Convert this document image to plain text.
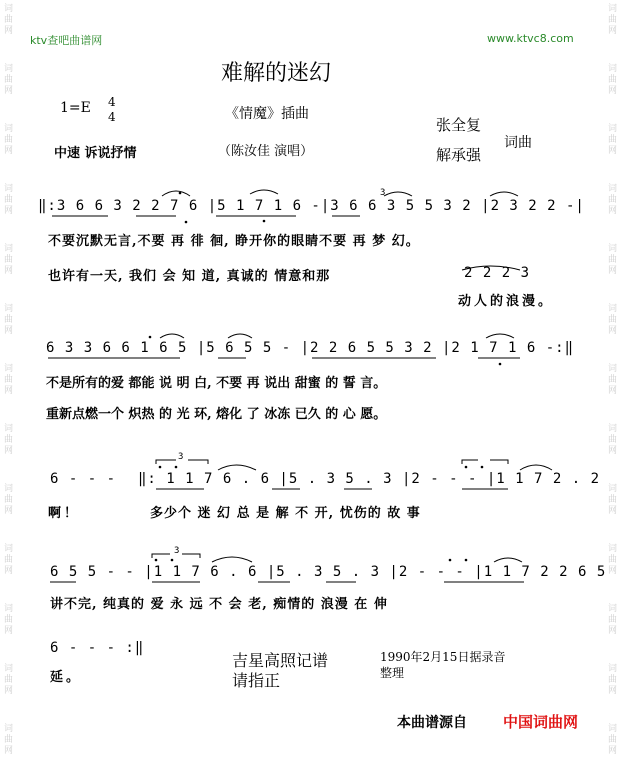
词
曲
网
词
曲
网
词
曲
网
词
曲
网
词
曲
网
词
曲
网
词
曲
网
词
曲
网
词
曲
网
词
曲
网
词
曲
网
词
曲
网
词
曲
网
词
曲
网
词
曲
网
词
曲
网
词
曲
网
词
曲
网
词
曲
网
词
曲
网
词
曲
网
词
曲
网
词
曲
网
词
曲
网
词
曲
网
词
曲
网
ktv查吧曲谱网	www.ktvc8.com
难解的迷幻
1=E 4
4	《情魔》插曲
中速 诉说抒情	（陈汝佳 演唱）
张全复
解承强
词曲
‖:3 6 6 3 2 2 7 6 |5 1 7 1 6 -|3 6 6 3 5 5 3 2 |2 3 2 2 -|
3
不要沉默无言,不要 再 徘 徊, 睁开你的眼睛不要 再 梦 幻。
也许有一天, 我们 会 知 道, 真诚的 情意和那	2 2 2 3
动人的浪漫。
6 3 3 6 6 1 6 5 |5 6 5 5 - |2 2 6 5 5 3 2 |2 1 7 1 6 -:‖
不是所有的爱 都能 说 明 白, 不要 再 说出 甜蜜 的 誓 言。
重新点燃一个 炽热 的 光 环, 熔化 了 冰冻 已久 的 心 愿。
6 - - - ‖: 1 1 7 6 . 6 |5 . 3 5 . 3 |2 - - - |1 1 7 2 . 2
3
啊！	多少个 迷 幻 总 是 解 不 开, 忧伤的 故 事
6 5 5 - - |1 1 7 6 . 6 |5 . 3 5 . 3 |2 - - - |1 1 7 2 2 6 5
3
讲不完, 纯真的 爱 永 远 不 会 老, 痴情的 浪漫 在 伸
6 - - - :‖
延。
吉星高照记谱
请指正
1990年2月15日据录音
整理
本曲谱源自 中国词曲网
